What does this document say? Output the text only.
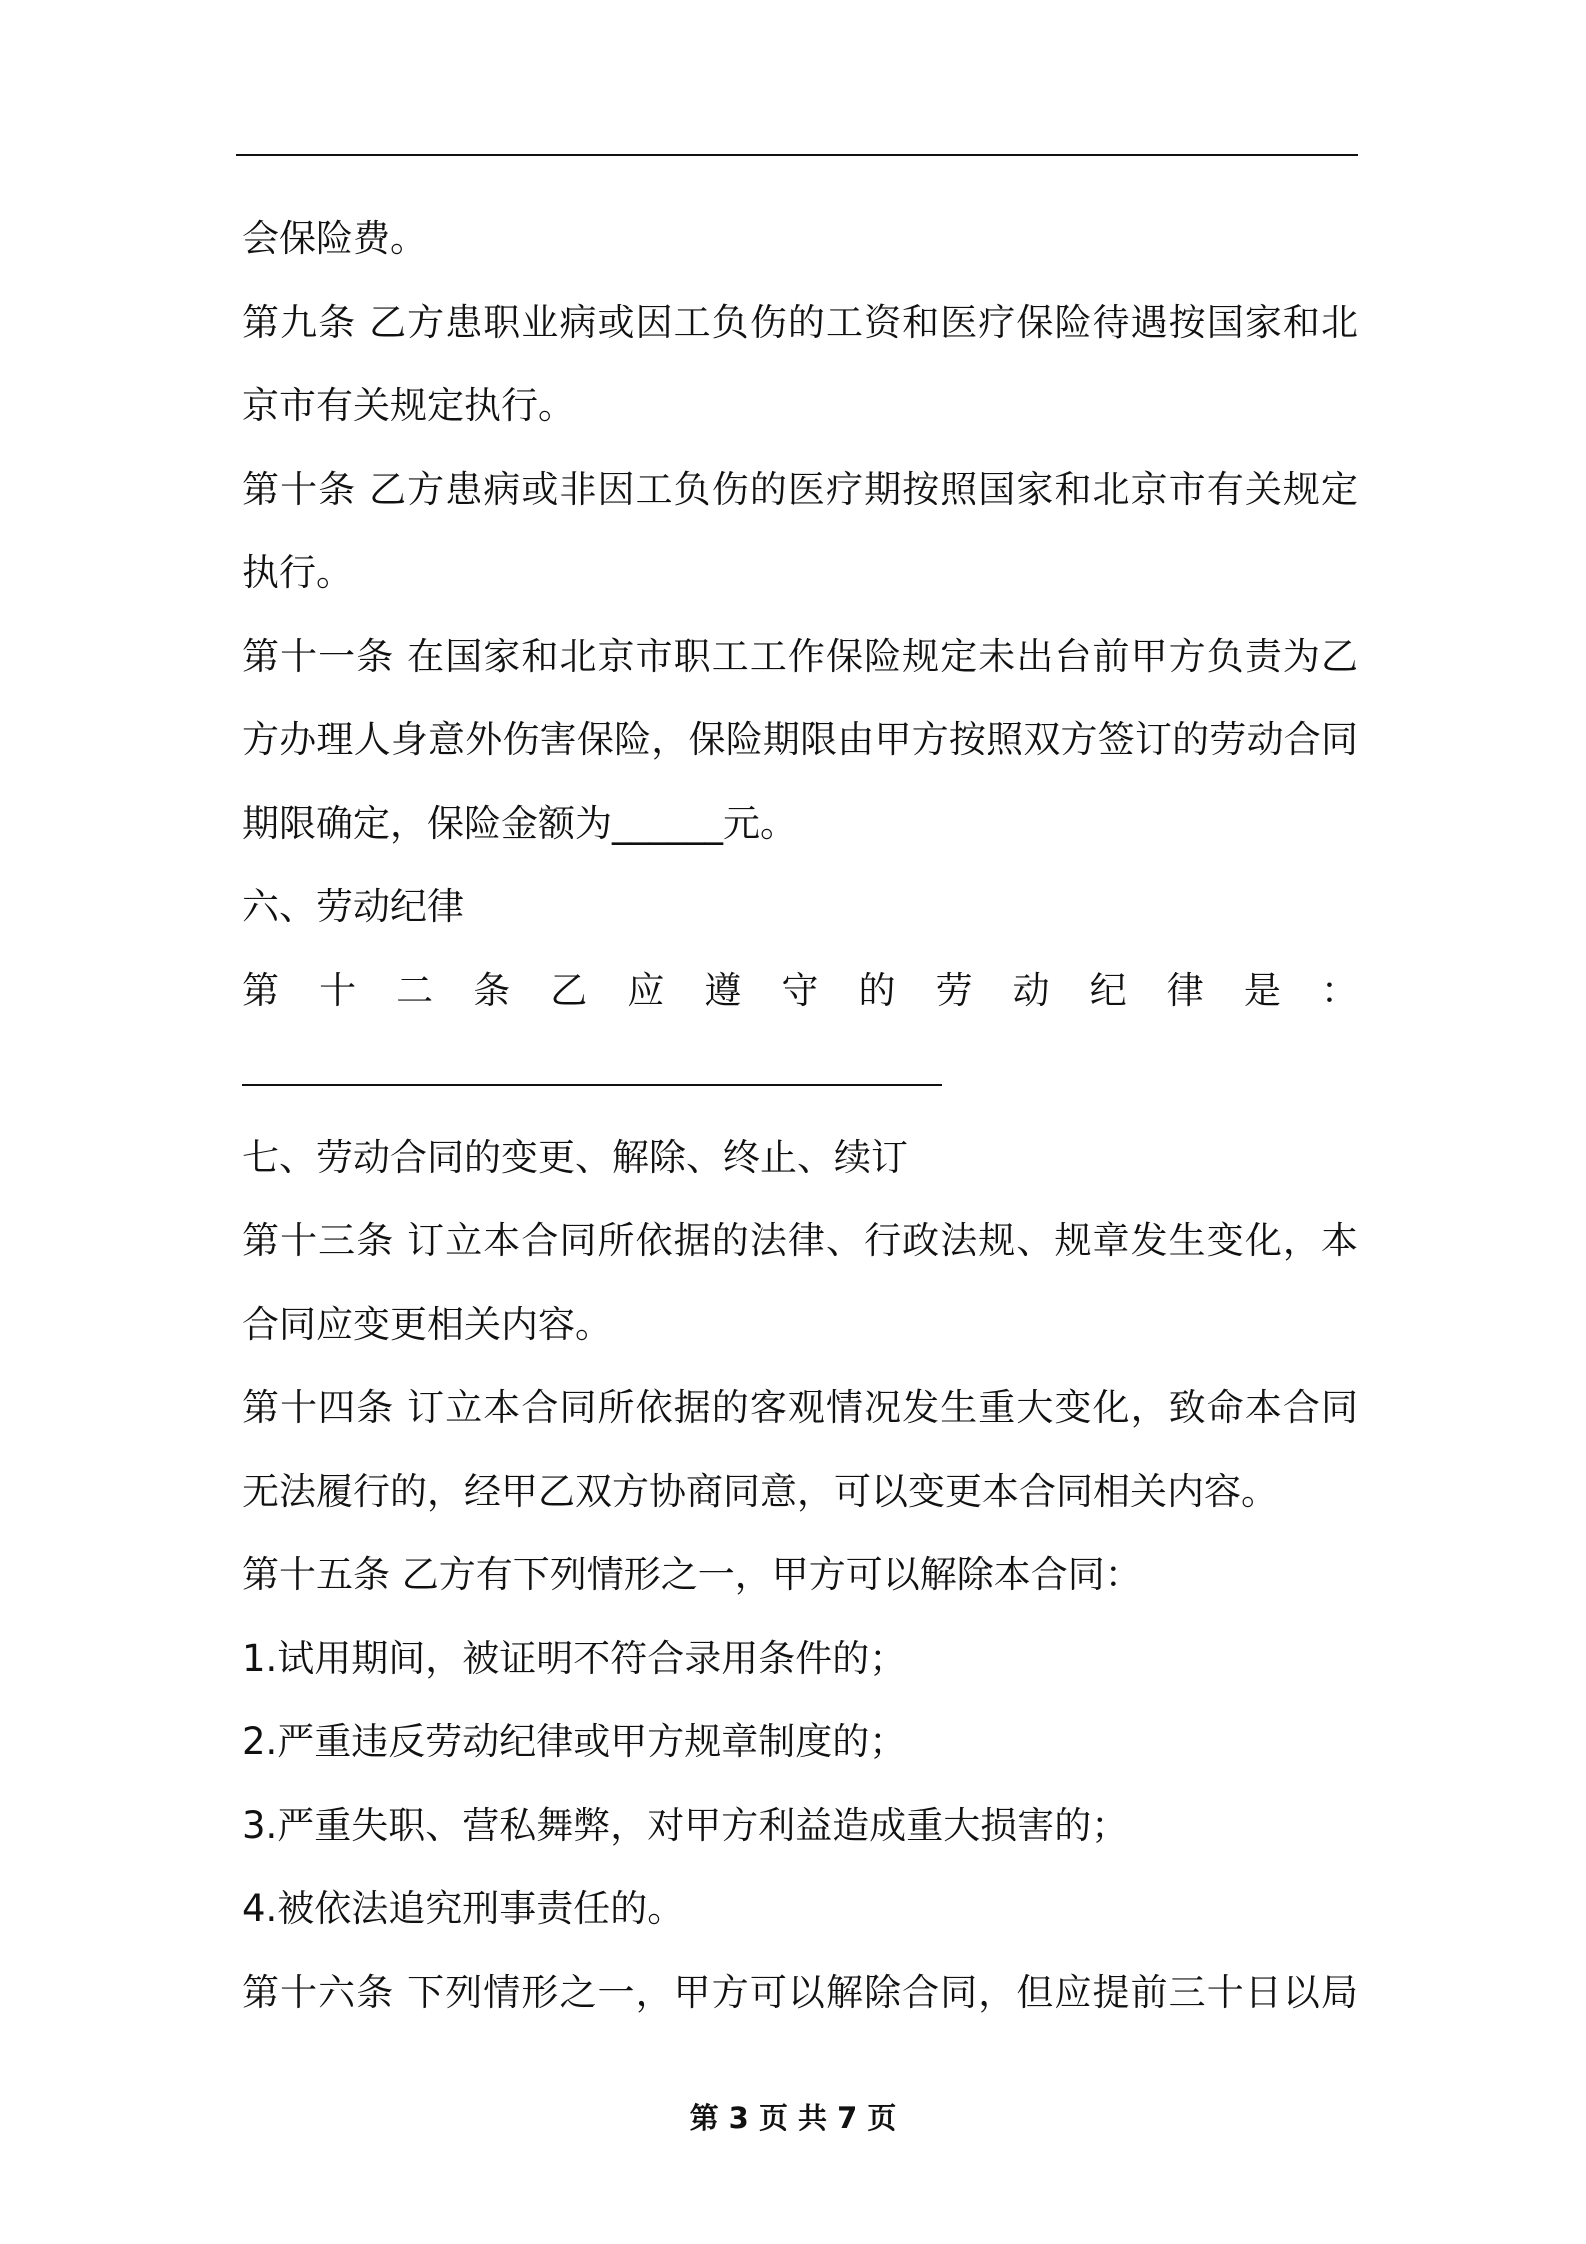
会保险费。
第九条 乙方患职业病或因工负伤的工资和医疗保险待遇按国家和北
京市有关规定执行。
第十条 乙方患病或非因工负伤的医疗期按照国家和北京市有关规定
执行。
第十一条 在国家和北京市职工工作保险规定未出台前甲方负责为乙
方办理人身意外伤害保险，保险期限由甲方按照双方签订的劳动合同
期限确定，保险金额为______元。
六、劳动纪律
第 十 二 条 乙 应 遵 守 的 劳 动 纪 律 是 ：
七、劳动合同的变更、解除、终止、续订
第十三条 订立本合同所依据的法律、行政法规、规章发生变化，本
合同应变更相关内容。
第十四条 订立本合同所依据的客观情况发生重大变化，致命本合同
无法履行的，经甲乙双方协商同意，可以变更本合同相关内容。
第十五条 乙方有下列情形之一，甲方可以解除本合同：
1.试用期间，被证明不符合录用条件的；
2.严重违反劳动纪律或甲方规章制度的；
3.严重失职、营私舞弊，对甲方利益造成重大损害的；
4.被依法追究刑事责任的。
第十六条 下列情形之一，甲方可以解除合同，但应提前三十日以局
第 3 页 共 7 页
